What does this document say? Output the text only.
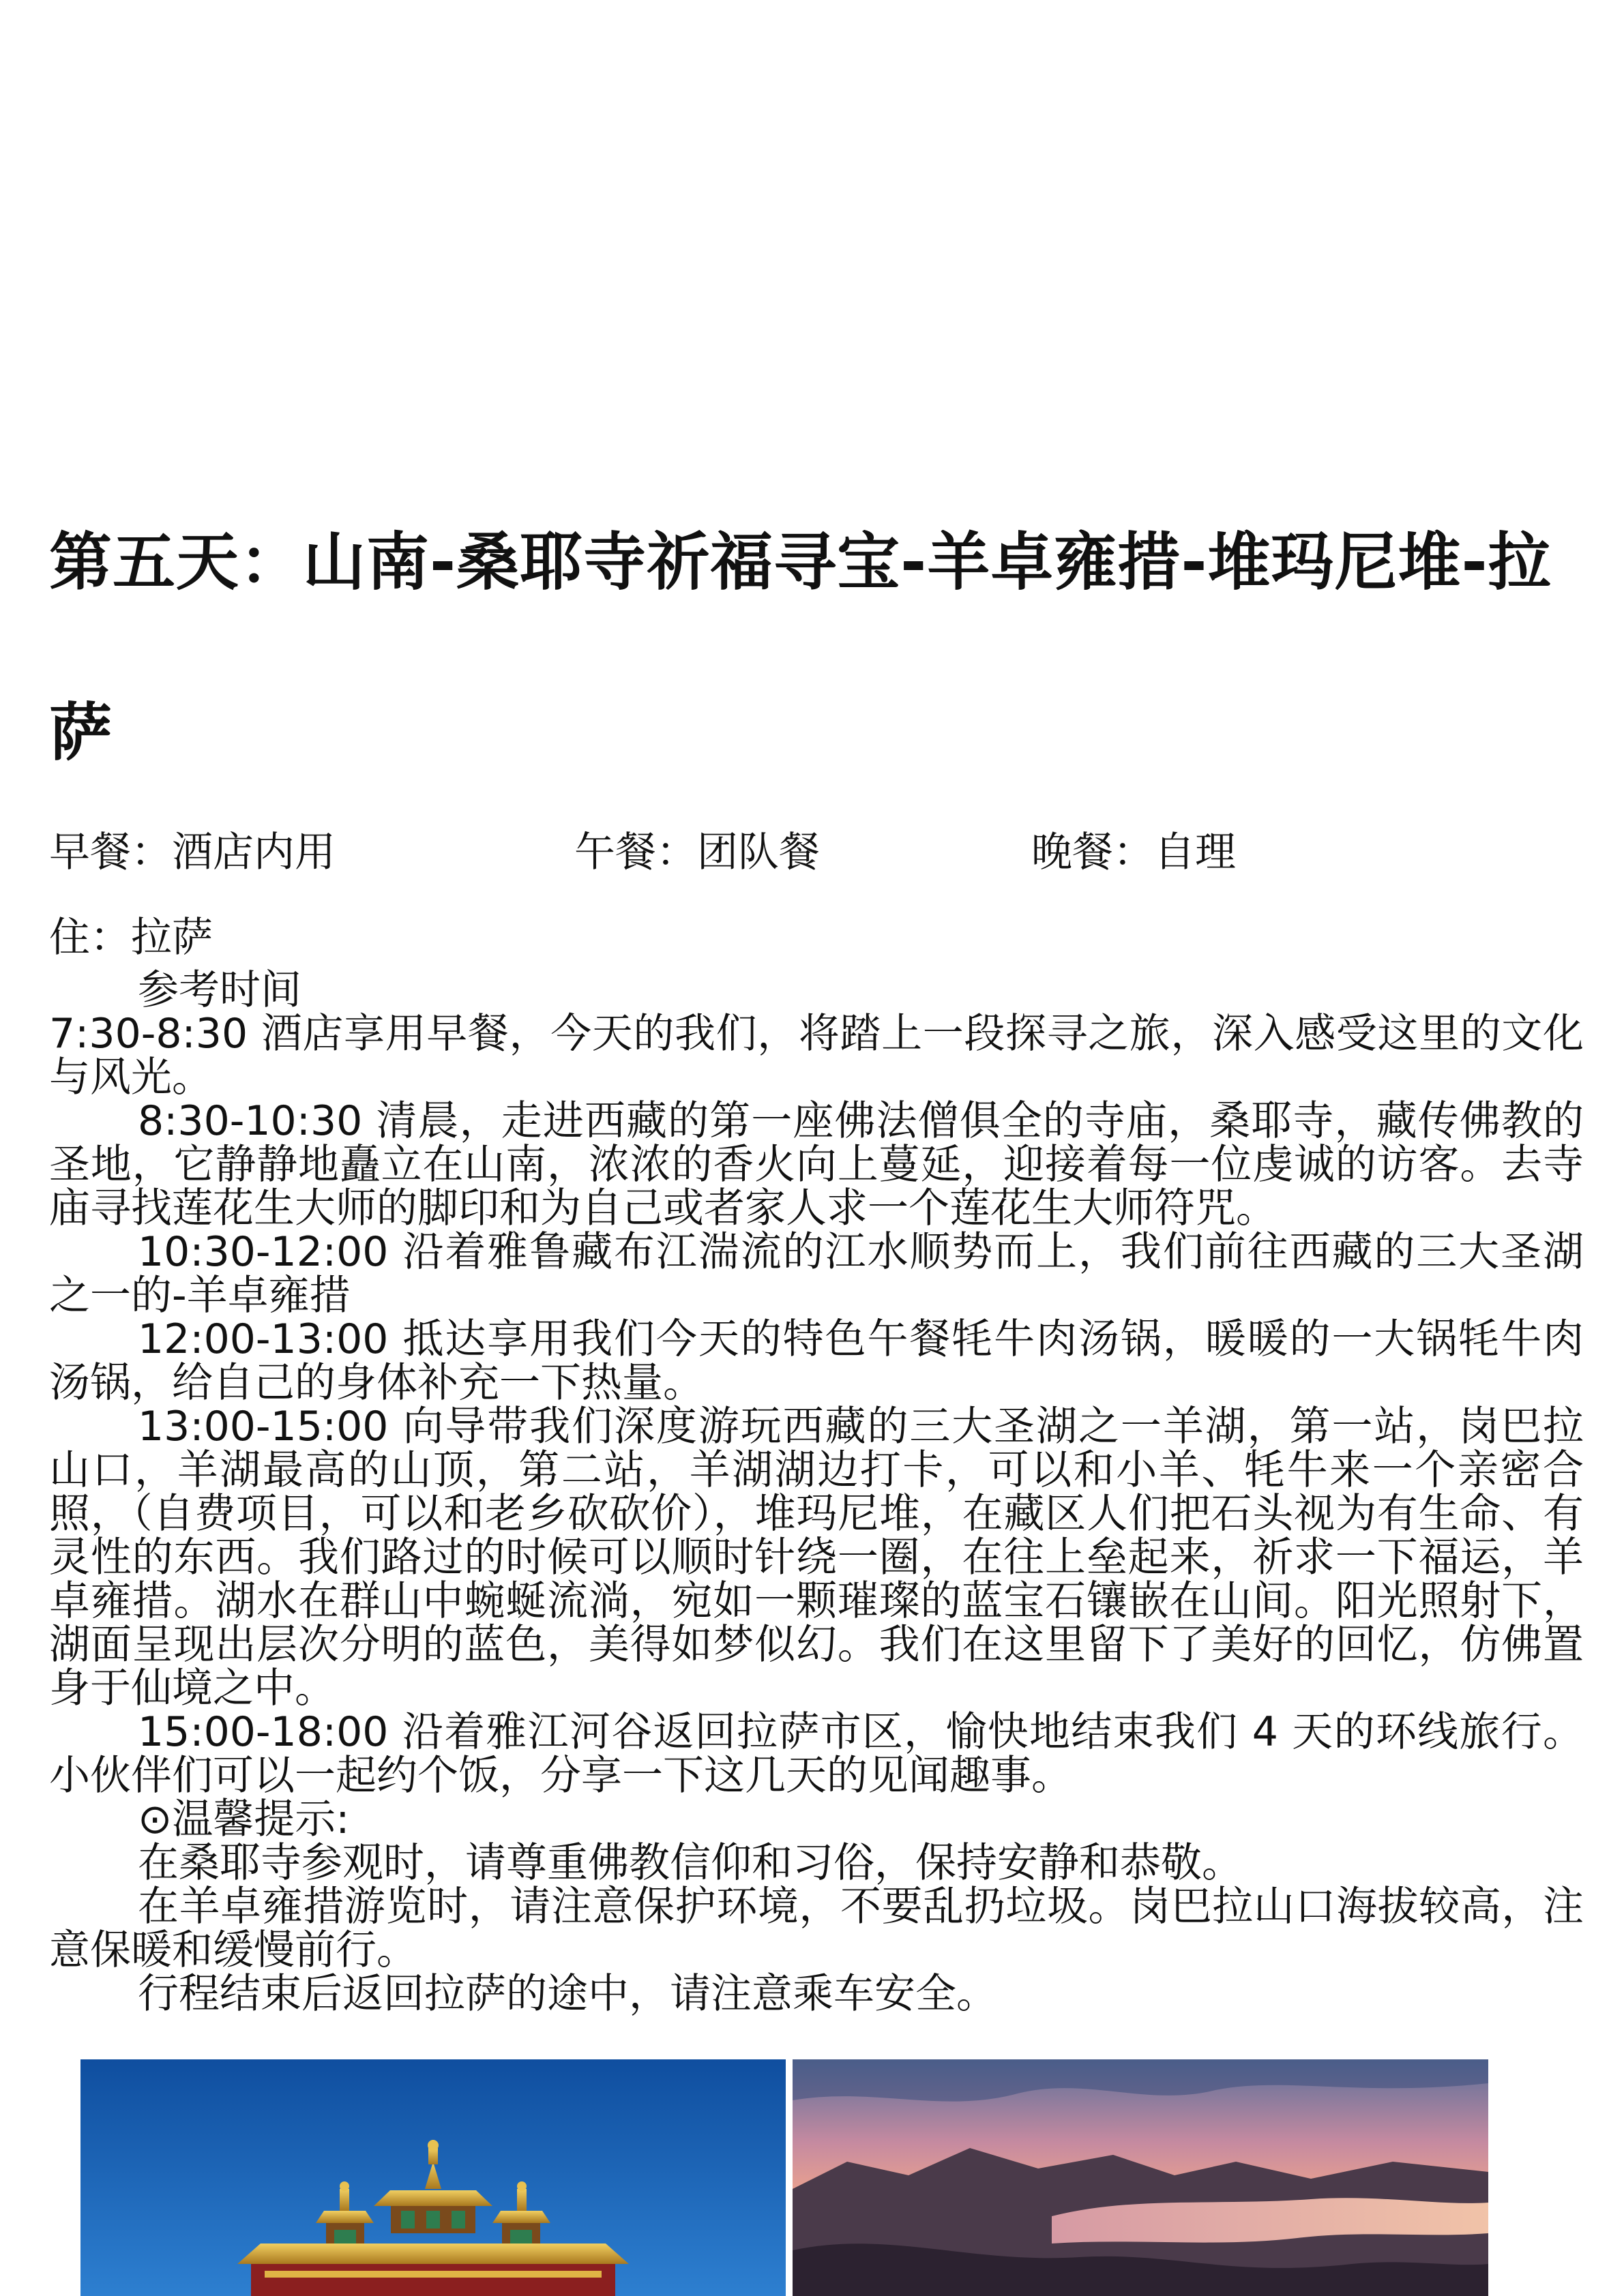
第五天：山南-桑耶寺祈福寻宝-羊卓雍措-堆玛尼堆-拉萨
早餐：酒店内用	午餐：团队餐	晚餐：自理
住：拉萨

参考时间

7:30-8:30 酒店享用早餐，今天的我们，将踏上一段探寻之旅，深入感受这里的文化与风光。

8:30-10:30 清晨，走进西藏的第一座佛法僧俱全的寺庙，桑耶寺，藏传佛教的圣地，它静静地矗立在山南，浓浓的香火向上蔓延，迎接着每一位虔诚的访客。去寺庙寻找莲花生大师的脚印和为自己或者家人求一个莲花生大师符咒。

10:30-12:00 沿着雅鲁藏布江湍流的江水顺势而上，我们前往西藏的三大圣湖之一的-羊卓雍措

12:00-13:00 抵达享用我们今天的特色午餐牦牛肉汤锅，暖暖的一大锅牦牛肉汤锅，给自己的身体补充一下热量。

13:00-15:00 向导带我们深度游玩西藏的三大圣湖之一羊湖，第一站，岗巴拉山口，羊湖最高的山顶，第二站，羊湖湖边打卡，可以和小羊、牦牛来一个亲密合照，（自费项目，可以和老乡砍砍价），堆玛尼堆，在藏区人们把石头视为有生命、有灵性的东西。我们路过的时候可以顺时针绕一圈，在往上垒起来，祈求一下福运，羊卓雍措。湖水在群山中蜿蜒流淌，宛如一颗璀璨的蓝宝石镶嵌在山间。阳光照射下，湖面呈现出层次分明的蓝色，美得如梦似幻。我们在这里留下了美好的回忆，仿佛置身于仙境之中。

15:00-18:00 沿着雅江河谷返回拉萨市区，愉快地结束我们 4 天的环线旅行。小伙伴们可以一起约个饭，分享一下这几天的见闻趣事。

⊙温馨提示:

在桑耶寺参观时，请尊重佛教信仰和习俗，保持安静和恭敬。

在羊卓雍措游览时，请注意保护环境，不要乱扔垃圾。岗巴拉山口海拔较高，注意保暖和缓慢前行。

行程结束后返回拉萨的途中，请注意乘车安全。
